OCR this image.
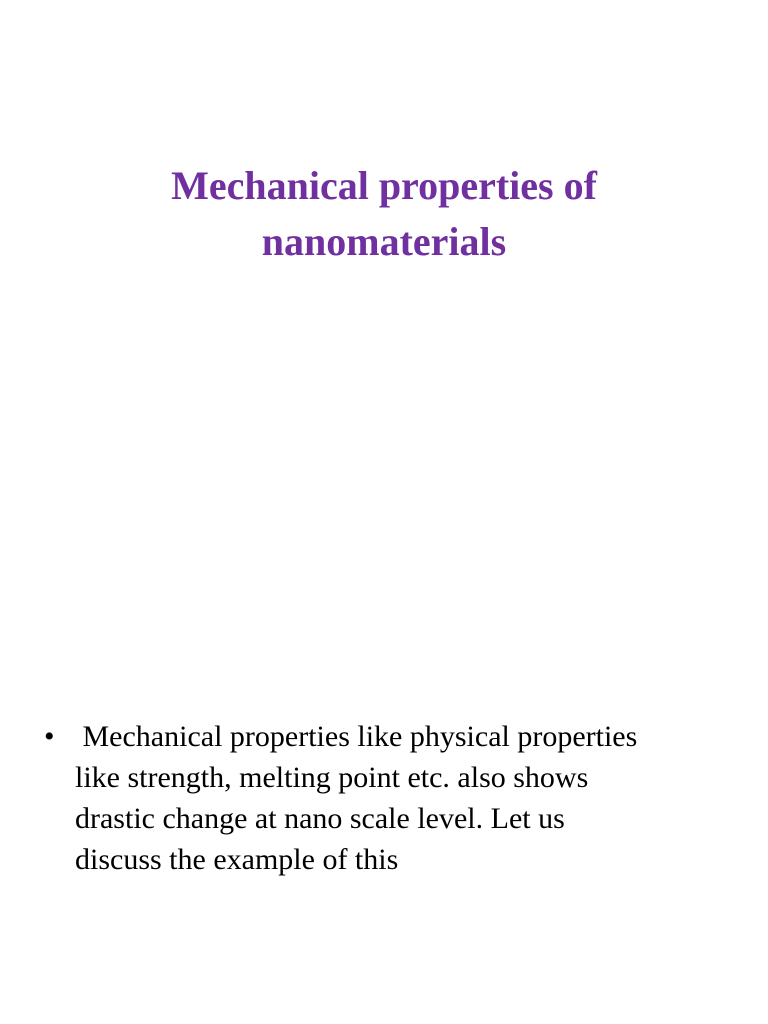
Mechanical properties of
nanomaterials
• Mechanical properties like physical properties
like strength, melting point etc. also shows
drastic change at nano scale level. Let us
discuss the example of this
